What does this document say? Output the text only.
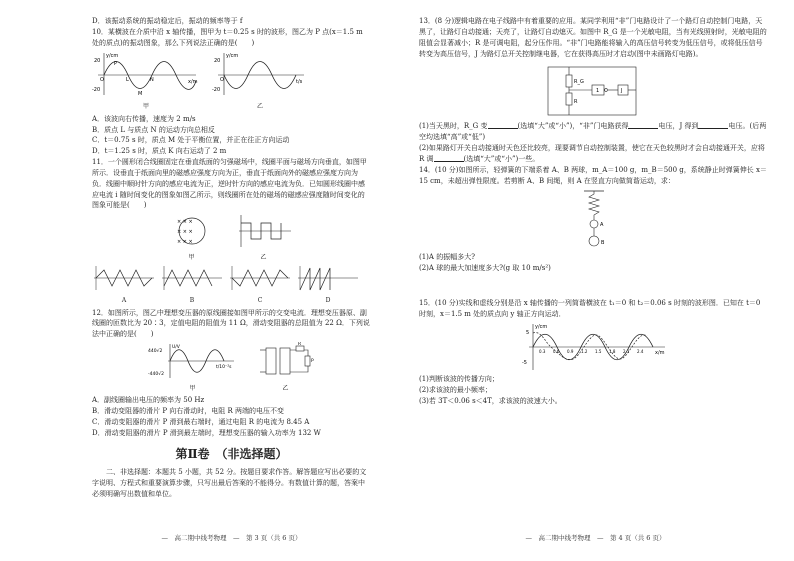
D．该振动系统的振动稳定后，振动的频率等于 f

10．某横波在介质中沿 x 轴传播，图甲为 t＝0.25 s 时的波形，图乙为 P 点(x＝1.5 m 处的质点)的振动图象，那么下列说法正确的是(　　)

y/cm
20
-20
x/m
P
M
L	N
O
甲
y/cm
20
-20
t/s
O
乙

A．该波向右传播，速度为 2 m/s

B．质点 L 与质点 N 的运动方向总相反

C．t＝0.75 s 时，质点 M 处于平衡位置，并正在往正方向运动

D．t＝1.25 s 时，质点 K 向右运动了 2 m

11．一个圆形闭合线圈固定在垂直纸面的匀强磁场中，线圈平面与磁场方向垂直，如图甲所示．设垂直于纸面向里的磁感应强度方向为正，垂直于纸面向外的磁感应强度方向为负．线圈中顺时针方向的感应电流为正，逆时针方向的感应电流为负．已知圆形线圈中感应电流 i 随时间变化的图象如图乙所示，则线圈所在处的磁场的磁感应强度随时间变化的图象可能是(　　)

× × ×
× × ×
× × ×
甲	乙
A	B	C	D

12．如图所示，图乙中理想变压器的原线圈接如图甲所示的交变电流．理想变压器原、副线圈的匝数比为 20∶3，定值电阻的阻值为 11 Ω，滑动变阻器的总阻值为 22 Ω．下列说法中正确的是(　　)

U/V
440√2
-440√2
t/10⁻²s
甲
R
P
乙

A．副线圈输出电压的频率为 50 Hz

B．滑动变阻器的滑片 P 向右滑动时，电阻 R 两端的电压不变

C．滑动变阻器的滑片 P 滑到最右端时，通过电阻 R 的电流为 8.45 A

D．滑动变阻器的滑片 P 滑到最左端时，理想变压器的输入功率为 132 W

第Ⅱ卷　（非选择题）

二、非选择题：本题共 5 小题，共 52 分。按题目要求作答。解答题应写出必要的文字说明、方程式和重要演算步骤，只写出最后答案的不能得分。有数值计算的题，答案中必须明确写出数值和单位。

—　高二期中线考物理　—　第 3 页（共 6 页）

13．(8 分)逻辑电路在电子线路中有着重要的应用。某同学利用“非”门电路设计了一个路灯自动控制门电路，天黑了，让路灯自动接通；天亮了，让路灯自动熄灭。如图中 R_G 是一个光敏电阻，当有光线照射时，光敏电阻的阻值会显著减小；R 是可调电阻，起分压作用。“非”门电路能将输入的高压信号转变为低压信号，或将低压信号转变为高压信号，J 为路灯总开关控制继电器，它在获得高压时才启动(图中未画路灯电路)。

R_G
R
1	J

(1)当天黑时，R_G 变	(选填“大”或“小”)，“非”门电路获得	电压，J 得到	电压。(后两空均选填“高”或“低”)

(2)如果路灯开关自动接通时天色还比较亮，现要调节自动控制装置，使它在天色较黑时才会自动接通开关，应将 R 调	(选填“大”或“小”)一些。

14．(10 分)如图所示，轻弹簧的下端系着 A、B 两球，m_A＝100 g，m_B＝500 g，系统静止时弹簧伸长 x＝15 cm，未超出弹性限度。若剪断 A、B 间绳，则 A 在竖直方向做简谐运动，求：

A
B

(1)A 的振幅多大?

(2)A 球的最大加速度多大?(g 取 10 m/s²)

15．(10 分)实线和虚线分别是沿 x 轴传播的一列简谐横波在 t₁＝0 和 t₂＝0.06 s 时刻的波形图．已知在 t＝0 时刻，x＝1.5 m 处的质点向 y 轴正方向运动．

y/cm
5
-5
x/m
0.3 0.6 0.9 1.2 1.5 1.8 2.1 2.4

(1)判断该波的传播方向；

(2)求该波的最小频率；

(3)若 3T＜0.06 s＜4T，求该波的波速大小。

—　高二期中线考物理　—　第 4 页（共 6 页）
